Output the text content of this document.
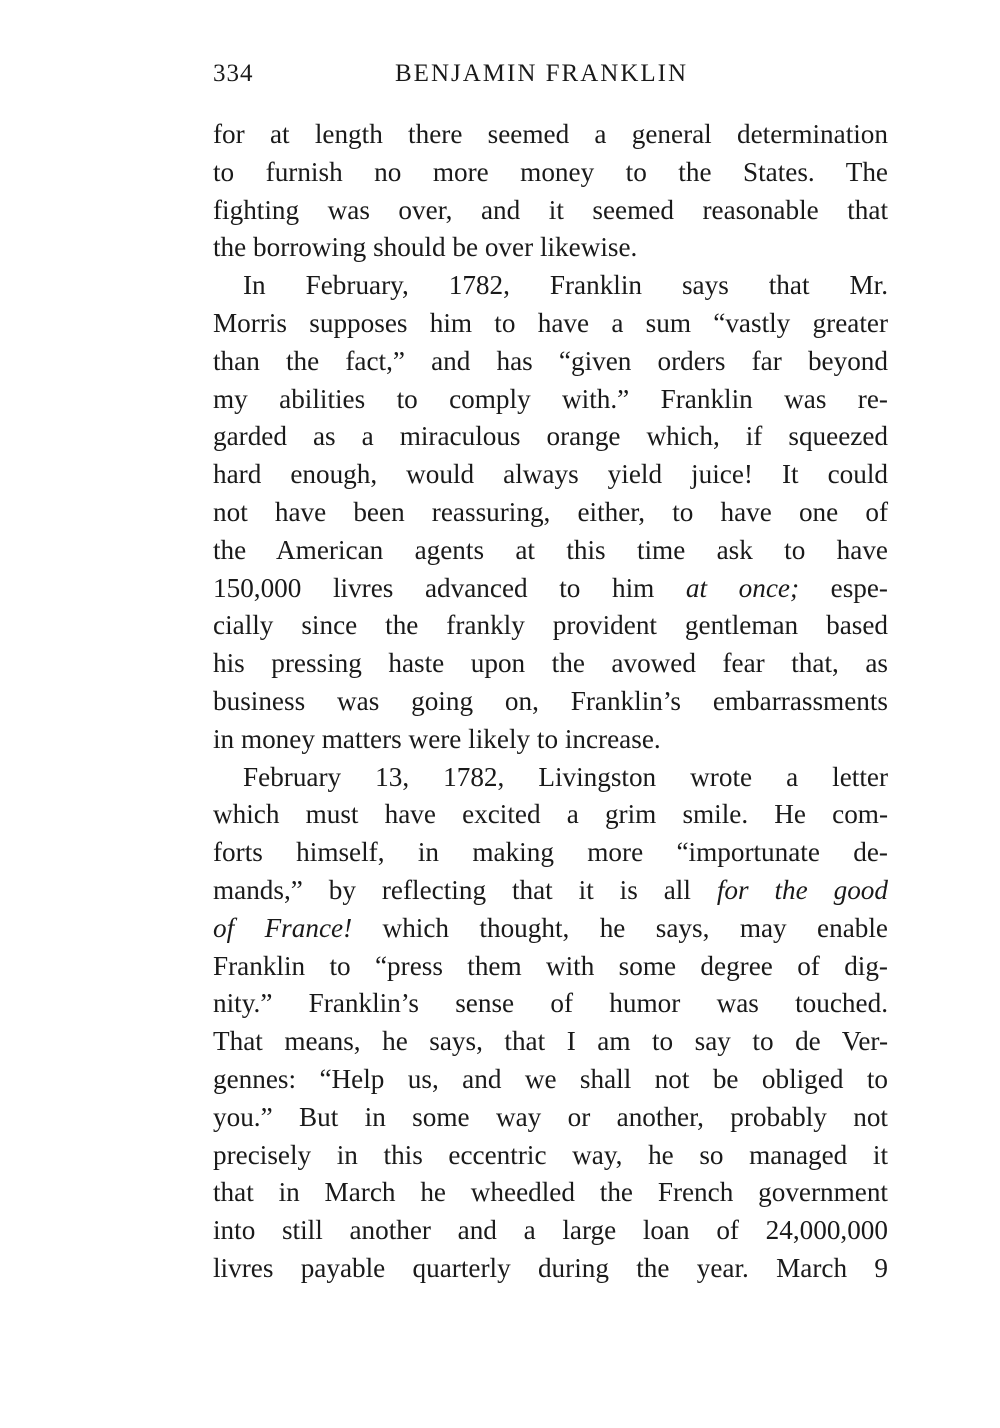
334	BENJAMIN FRANKLIN

for at length there seemed a general determination
to furnish no more money to the States. The
fighting was over, and it seemed reasonable that
the borrowing should be over likewise.

In February, 1782, Franklin says that Mr.
Morris supposes him to have a sum “vastly greater
than the fact,” and has “given orders far beyond
my abilities to comply with.” Franklin was re-
garded as a miraculous orange which, if squeezed
hard enough, would always yield juice! It could
not have been reassuring, either, to have one of
the American agents at this time ask to have
150,000 livres advanced to him at once; espe-
cially since the frankly provident gentleman based
his pressing haste upon the avowed fear that, as
business was going on, Franklin’s embarrassments
in money matters were likely to increase.

February 13, 1782, Livingston wrote a letter
which must have excited a grim smile. He com-
forts himself, in making more “importunate de-
mands,” by reflecting that it is all for the good
of France! which thought, he says, may enable
Franklin to “press them with some degree of dig-
nity.” Franklin’s sense of humor was touched.
That means, he says, that I am to say to de Ver-
gennes: “Help us, and we shall not be obliged to
you.” But in some way or another, probably not
precisely in this eccentric way, he so managed it
that in March he wheedled the French government
into still another and a large loan of 24,000,000
livres payable quarterly during the year. March 9
